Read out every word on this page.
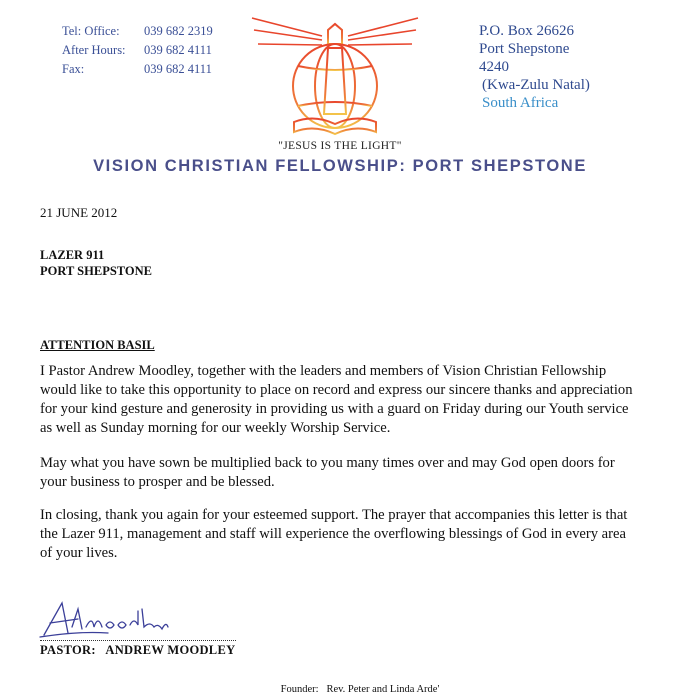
Tel: Office: 039 682 2319
After Hours: 039 682 4111
Fax:	039 682 4111
P.O. Box 26626
Port Shepstone
4240
(Kwa-Zulu Natal)
South Africa
"JESUS IS THE LIGHT"
VISION CHRISTIAN FELLOWSHIP: PORT SHEPSTONE
21 JUNE 2012
LAZER 911
PORT SHEPSTONE
ATTENTION BASIL
I Pastor Andrew Moodley, together with the leaders and members of Vision Christian Fellowship would like to take this opportunity to place on record and express our sincere thanks and appreciation for your kind gesture and generosity in providing us with a guard on Friday during our Youth service as well as Sunday morning for our weekly Worship Service.
May what you have sown be multiplied back to you many times over and may God open doors for your business to prosper and be blessed.
In closing, thank you again for your esteemed support. The prayer that accompanies this letter is that the Lazer 911, management and staff will experience the overflowing blessings of God in every area of your lives.
PASTOR:   ANDREW MOODLEY
Founder:   Rev. Peter and Linda Arde'
